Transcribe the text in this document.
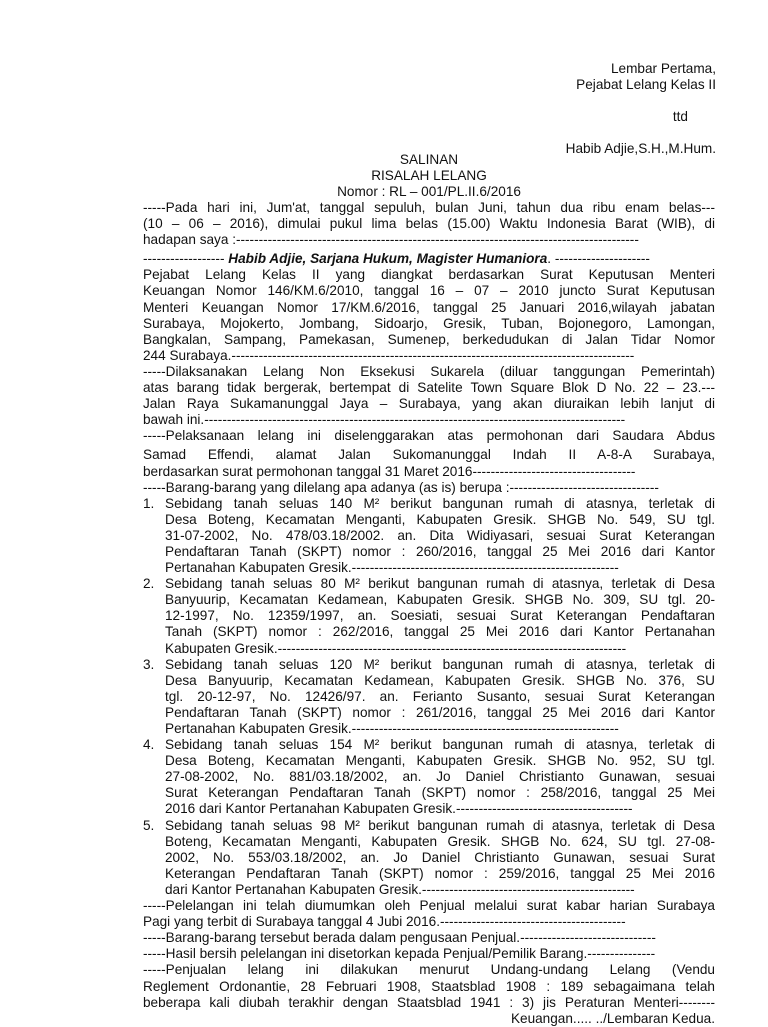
Lembar Pertama,
Pejabat Lelang Kelas II
ttd
Habib Adjie,S.H.,M.Hum.
SALINAN
RISALAH LELANG
Nomor : RL – 001/PL.II.6/2016
-----Pada hari ini, Jum'at, tanggal sepuluh, bulan Juni, tahun dua ribu enam belas---
(10 – 06 – 2016), dimulai pukul lima belas (15.00) Waktu Indonesia Barat (WIB), di
hadapan saya :-----------------------------------------------------------------------------------------
------------------ Habib Adjie, Sarjana Hukum, Magister Humaniora. ---------------------
Pejabat Lelang Kelas II yang diangkat berdasarkan Surat Keputusan Menteri
Keuangan Nomor 146/KM.6/2010, tanggal 16 – 07 – 2010 juncto Surat Keputusan
Menteri Keuangan Nomor 17/KM.6/2016, tanggal 25 Januari 2016,wilayah jabatan
Surabaya, Mojokerto, Jombang, Sidoarjo, Gresik, Tuban, Bojonegoro, Lamongan,
Bangkalan, Sampang, Pamekasan, Sumenep, berkedudukan di Jalan Tidar Nomor
244 Surabaya.-----------------------------------------------------------------------------------------
-----Dilaksanakan Lelang Non Eksekusi Sukarela (diluar tanggungan Pemerintah)
atas barang tidak bergerak, bertempat di Satelite Town Square Blok D No. 22 – 23.---
Jalan Raya Sukamanunggal Jaya – Surabaya, yang akan diuraikan lebih lanjut di
bawah ini.---------------------------------------------------------------------------------------------
-----Pelaksanaan lelang ini diselenggarakan atas permohonan dari Saudara Abdus
Samad Effendi, alamat Jalan Sukomanunggal Indah II A-8-A Surabaya,
berdasarkan surat permohonan tanggal 31 Maret 2016------------------------------------
-----Barang-barang yang dilelang apa adanya (as is) berupa :---------------------------------
1. Sebidang tanah seluas 140 M² berikut bangunan rumah di atasnya, terletak di
Desa Boteng, Kecamatan Menganti, Kabupaten Gresik. SHGB No. 549, SU tgl.
31-07-2002, No. 478/03.18/2002. an. Dita Widiyasari, sesuai Surat Keterangan
Pendaftaran Tanah (SKPT) nomor : 260/2016, tanggal 25 Mei 2016 dari Kantor
Pertanahan Kabupaten Gresik.-----------------------------------------------------------
2. Sebidang tanah seluas 80 M² berikut bangunan rumah di atasnya, terletak di Desa
Banyuurip, Kecamatan Kedamean, Kabupaten Gresik. SHGB No. 309, SU tgl. 20-
12-1997, No. 12359/1997, an. Soesiati, sesuai Surat Keterangan Pendaftaran
Tanah (SKPT) nomor : 262/2016, tanggal 25 Mei 2016 dari Kantor Pertanahan
Kabupaten Gresik.-----------------------------------------------------------------------------
3. Sebidang tanah seluas 120 M² berikut bangunan rumah di atasnya, terletak di
Desa Banyuurip, Kecamatan Kedamean, Kabupaten Gresik. SHGB No. 376, SU
tgl. 20-12-97, No. 12426/97. an. Ferianto Susanto, sesuai Surat Keterangan
Pendaftaran Tanah (SKPT) nomor : 261/2016, tanggal 25 Mei 2016 dari Kantor
Pertanahan Kabupaten Gresik.-----------------------------------------------------------
4. Sebidang tanah seluas 154 M² berikut bangunan rumah di atasnya, terletak di
Desa Boteng, Kecamatan Menganti, Kabupaten Gresik. SHGB No. 952, SU tgl.
27-08-2002, No. 881/03.18/2002, an. Jo Daniel Christianto Gunawan, sesuai
Surat Keterangan Pendaftaran Tanah (SKPT) nomor : 258/2016, tanggal 25 Mei
2016 dari Kantor Pertanahan Kabupaten Gresik.---------------------------------------
5. Sebidang tanah seluas 98 M² berikut bangunan rumah di atasnya, terletak di Desa
Boteng, Kecamatan Menganti, Kabupaten Gresik. SHGB No. 624, SU tgl. 27-08-
2002, No. 553/03.18/2002, an. Jo Daniel Christianto Gunawan, sesuai Surat
Keterangan Pendaftaran Tanah (SKPT) nomor : 259/2016, tanggal 25 Mei 2016
dari Kantor Pertanahan Kabupaten Gresik.-----------------------------------------------
-----Pelelangan ini telah diumumkan oleh Penjual melalui surat kabar harian Surabaya
Pagi yang terbit di Surabaya tanggal 4 Jubi 2016.-----------------------------------------
-----Barang-barang tersebut berada dalam pengusaan Penjual.------------------------------
-----Hasil bersih pelelangan ini disetorkan kepada Penjual/Pemilik Barang.---------------
-----Penjualan lelang ini dilakukan menurut Undang-undang Lelang (Vendu
Reglement Ordonantie, 28 Februari 1908, Staatsblad 1908 : 189 sebagaimana telah
beberapa kali diubah terakhir dengan Staatsblad 1941 : 3) jis Peraturan Menteri--------
Keuangan..... ../Lembaran Kedua.
